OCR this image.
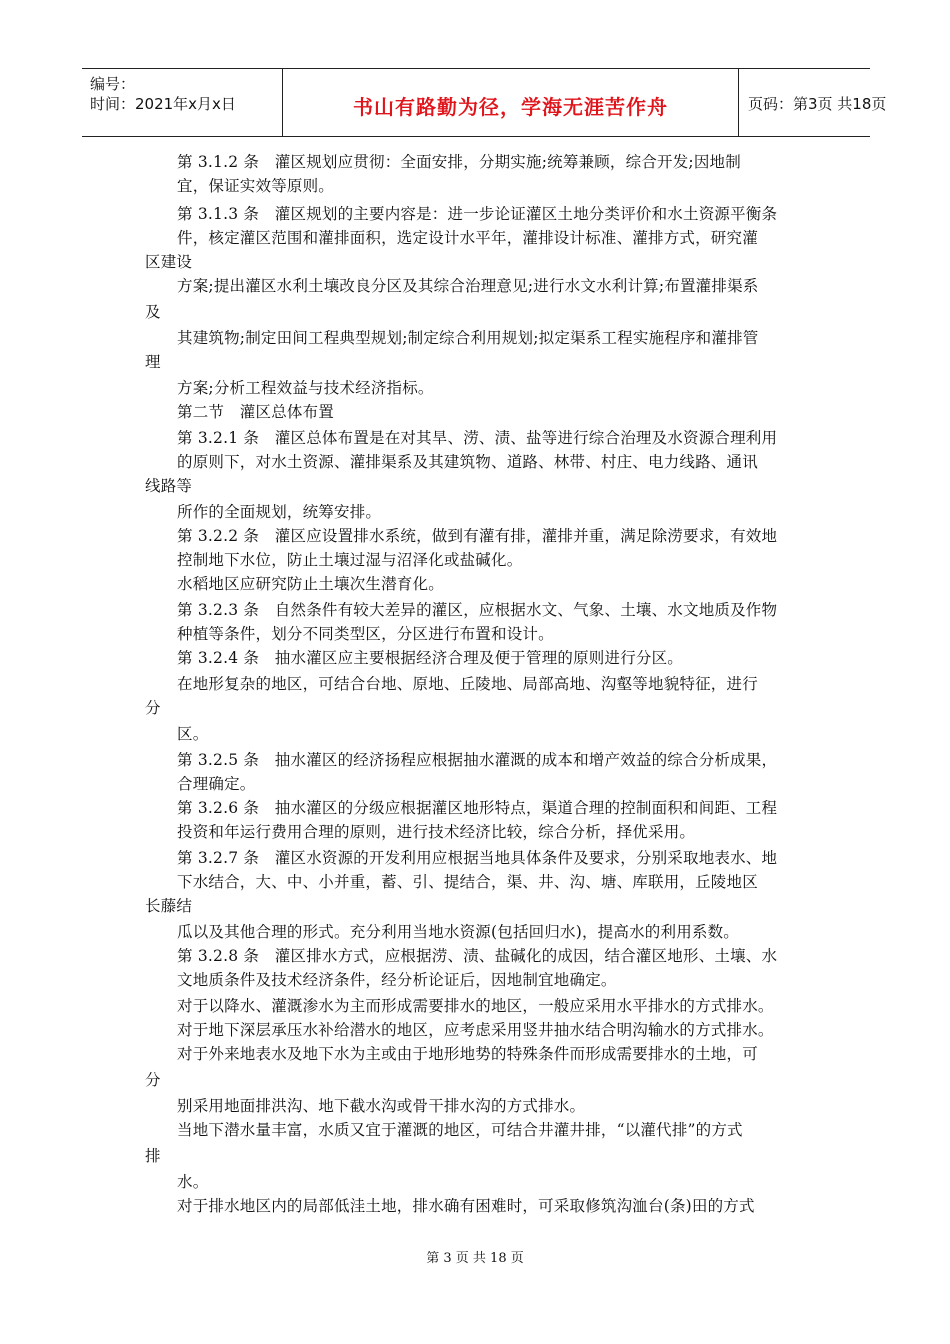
编号：
时间：2021年x月x日	书山有路勤为径，学海无涯苦作舟	页码：第3页 共18页
第 3.1.2 条　灌区规划应贯彻：全面安排，分期实施;统筹兼顾，综合开发;因地制
宜，保证实效等原则。
第 3.1.3 条　灌区规划的主要内容是：进一步论证灌区土地分类评价和水土资源平衡条
件，核定灌区范围和灌排面积，选定设计水平年，灌排设计标准、灌排方式，研究灌
区建设
方案;提出灌区水利土壤改良分区及其综合治理意见;进行水文水利计算;布置灌排渠系
及
其建筑物;制定田间工程典型规划;制定综合利用规划;拟定渠系工程实施程序和灌排管
理
方案;分析工程效益与技术经济指标。
第二节　灌区总体布置
第 3.2.1 条　灌区总体布置是在对其旱、涝、渍、盐等进行综合治理及水资源合理利用
的原则下，对水土资源、灌排渠系及其建筑物、道路、林带、村庄、电力线路、通讯
线路等
所作的全面规划，统筹安排。
第 3.2.2 条　灌区应设置排水系统，做到有灌有排，灌排并重，满足除涝要求，有效地
控制地下水位，防止土壤过湿与沼泽化或盐碱化。
水稻地区应研究防止土壤次生潜育化。
第 3.2.3 条　自然条件有较大差异的灌区，应根据水文、气象、土壤、水文地质及作物
种植等条件，划分不同类型区，分区进行布置和设计。
第 3.2.4 条　抽水灌区应主要根据经济合理及便于管理的原则进行分区。
在地形复杂的地区，可结合台地、原地、丘陵地、局部高地、沟壑等地貌特征，进行
分
区。
第 3.2.5 条　抽水灌区的经济扬程应根据抽水灌溉的成本和增产效益的综合分析成果，
合理确定。
第 3.2.6 条　抽水灌区的分级应根据灌区地形特点，渠道合理的控制面积和间距、工程
投资和年运行费用合理的原则，进行技术经济比较，综合分析，择优采用。
第 3.2.7 条　灌区水资源的开发利用应根据当地具体条件及要求，分别采取地表水、地
下水结合，大、中、小并重，蓄、引、提结合，渠、井、沟、塘、库联用，丘陵地区
长藤结
瓜以及其他合理的形式。充分利用当地水资源(包括回归水)，提高水的利用系数。
第 3.2.8 条　灌区排水方式，应根据涝、渍、盐碱化的成因，结合灌区地形、土壤、水
文地质条件及技术经济条件，经分析论证后，因地制宜地确定。
对于以降水、灌溉渗水为主而形成需要排水的地区，一般应采用水平排水的方式排水。
对于地下深层承压水补给潜水的地区，应考虑采用竖井抽水结合明沟输水的方式排水。
对于外来地表水及地下水为主或由于地形地势的特殊条件而形成需要排水的土地，可
分
别采用地面排洪沟、地下截水沟或骨干排水沟的方式排水。
当地下潜水量丰富，水质又宜于灌溉的地区，可结合井灌井排，“以灌代排”的方式
排
水。
对于排水地区内的局部低洼土地，排水确有困难时，可采取修筑沟洫台(条)田的方式
第 3 页 共 18 页
